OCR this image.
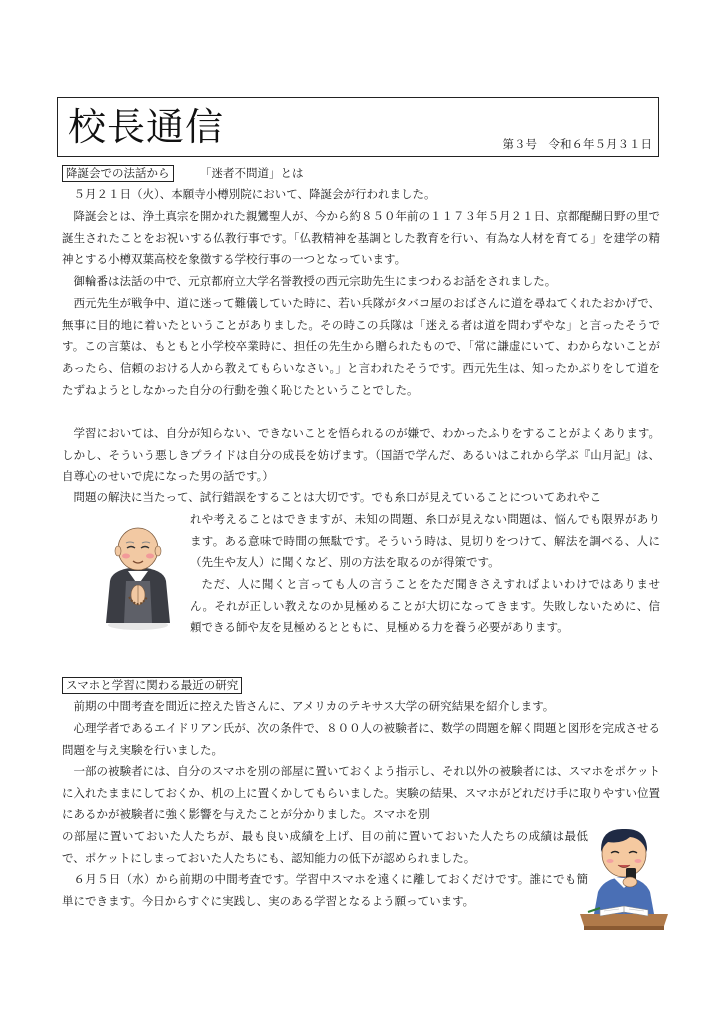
校長通信	第３号　令和６年５月３１日
降誕会での法話から	「迷者不問道」とは

５月２１日（火）、本願寺小樽別院において、降誕会が行われました。

降誕会とは、浄土真宗を開かれた親鸞聖人が、今から約８５０年前の１１７３年５月２１日、京都醍醐日野の里で誕生されたことをお祝いする仏教行事です。「仏教精神を基調とした教育を行い、有為な人材を育てる」を建学の精神とする小樽双葉高校を象徴する学校行事の一つとなっています。

御輪番は法話の中で、元京都府立大学名誉教授の西元宗助先生にまつわるお話をされました。

西元先生が戦争中、道に迷って難儀していた時に、若い兵隊がタバコ屋のおばさんに道を尋ねてくれたおかげで、無事に目的地に着いたということがありました。その時この兵隊は「迷える者は道を問わずやな」と言ったそうです。この言葉は、もともと小学校卒業時に、担任の先生から贈られたもので、「常に謙虚にいて、わからないことがあったら、信頼のおける人から教えてもらいなさい。」と言われたそうです。西元先生は、知ったかぶりをして道をたずねようとしなかった自分の行動を強く恥じたということでした。

学習においては、自分が知らない、できないことを悟られるのが嫌で、わかったふりをすることがよくあります。しかし、そういう悪しきプライドは自分の成長を妨げます。（国語で学んだ、あるいはこれから学ぶ『山月記』は、自尊心のせいで虎になった男の話です。）

問題の解決に当たって、試行錯誤をすることは大切です。でも糸口が見えていることについてあれやこ

れや考えることはできますが、未知の問題、糸口が見えない問題は、悩んでも限界があります。ある意味で時間の無駄です。そういう時は、見切りをつけて、解法を調べる、人に（先生や友人）に聞くなど、別の方法を取るのが得策です。

ただ、人に聞くと言っても人の言うことをただ聞きさえすればよいわけではありません。それが正しい教えなのか見極めることが大切になってきます。失敗しないために、信頼できる師や友を見極めるとともに、見極める力を養う必要があります。

スマホと学習に関わる最近の研究

前期の中間考査を間近に控えた皆さんに、アメリカのテキサス大学の研究結果を紹介します。

心理学者であるエイドリアン氏が、次の条件で、８００人の被験者に、数学の問題を解く問題と図形を完成させる問題を与え実験を行いました。

一部の被験者には、自分のスマホを別の部屋に置いておくよう指示し、それ以外の被験者には、スマホをポケットに入れたままにしておくか、机の上に置くかしてもらいました。実験の結果、スマホがどれだけ手に取りやすい位置にあるかが被験者に強く影響を与えたことが分かりました。スマホを別

の部屋に置いておいた人たちが、最も良い成績を上げ、目の前に置いておいた人たちの成績は最低で、ポケットにしまっておいた人たちにも、認知能力の低下が認められました。

６月５日（水）から前期の中間考査です。学習中スマホを遠くに離しておくだけです。誰にでも簡単にできます。今日からすぐに実践し、実のある学習となるよう願っています。
